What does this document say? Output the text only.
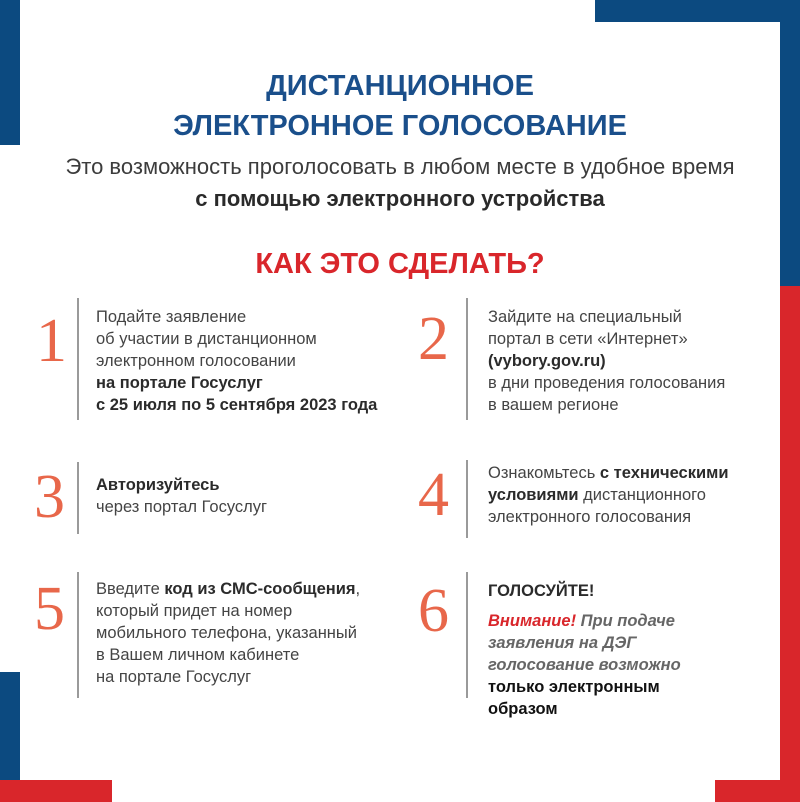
ДИСТАНЦИОННОЕ
ЭЛЕКТРОННОЕ ГОЛОСОВАНИЕ

Это возможность проголосовать в любом месте в удобное время

с помощью электронного устройства

КАК ЭТО СДЕЛАТЬ?
1 Подайте заявление
об участии в дистанционном
электронном голосовании
на портале Госуслуг
с 25 июля по 5 сентября 2023 года
2 Зайдите на специальный
портал в сети «Интернет»
(vybory.gov.ru)
в дни проведения голосования
в вашем регионе
3 Авторизуйтесь
через портал Госуслуг 4 Ознакомьтесь с техническими
условиями дистанционного
электронного голосования
5 Введите код из СМС-сообщения,
который придет на номер
мобильного телефона, указанный
в Вашем личном кабинете
на портале Госуслуг
6 ГОЛОСУЙТЕ!
Внимание! При подаче
заявления на ДЭГ
голосование возможно
только электронным
образом
